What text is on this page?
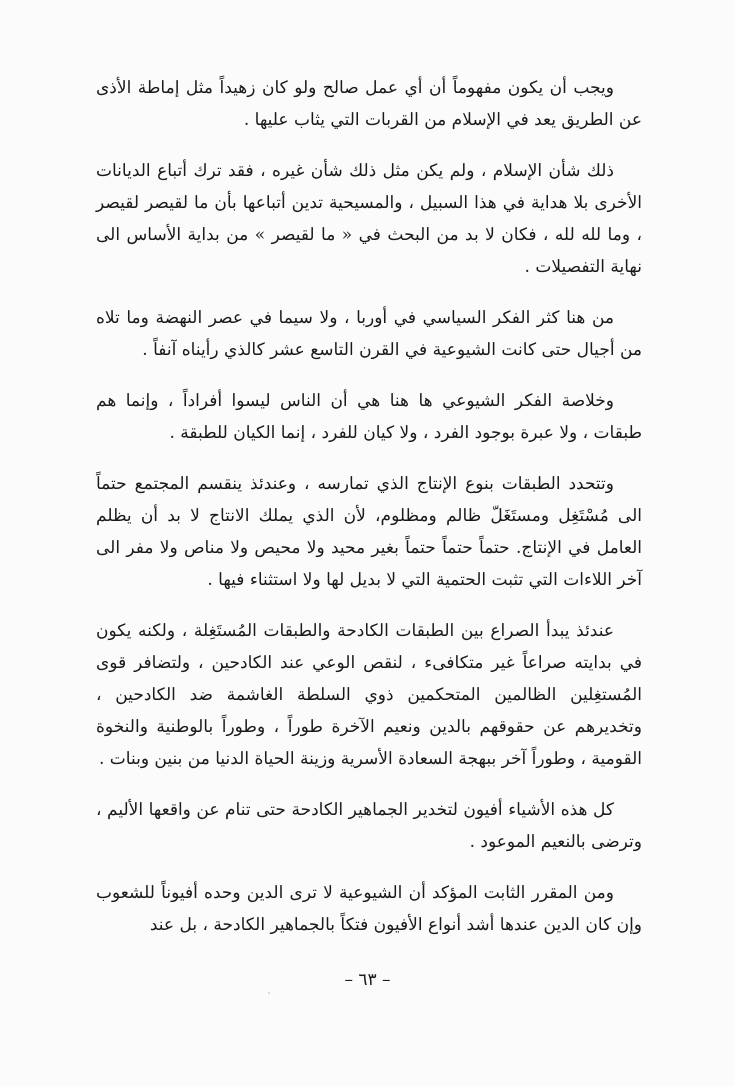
ويجب أن يكون مفهوماً أن أي عمل صالح ولو كان زهيداً مثل إماطة الأذى عن الطريق يعد في الإسلام من القربات التي يثاب عليها .

ذلك شأن الإسلام ، ولم يكن مثل ذلك شأن غيره ، فقد ترك أتباع الديانات الأخرى بلا هداية في هذا السبيل ، والمسيحية تدين أتباعها بأن ما لقيصر لقيصر ، وما لله لله ، فكان لا بد من البحث في « ما لقيصر » من بداية الأساس الى نهاية التفصيلات .

من هنا كثر الفكر السياسي في أوربا ، ولا سيما في عصر النهضة وما تلاه من أجيال حتى كانت الشيوعية في القرن التاسع عشر كالذي رأيناه آنفاً .

وخلاصة الفكر الشيوعي ها هنا هي أن الناس ليسوا أفراداً ، وإنما هم طبقات ، ولا عبرة بوجود الفرد ، ولا كيان للفرد ، إنما الكيان للطبقة .

وتتحدد الطبقات بنوع الإنتاج الذي تمارسه ، وعندئذ ينقسم المجتمع حتماً الى مُسْتَغِل ومستَغَلّ ظالم ومظلوم، لأن الذي يملك الانتاج لا بد أن يظلم العامل في الإنتاج. حتماً حتماً حتماً بغير محيد ولا محيص ولا مناص ولا مفر الى آخر اللاءات التي تثبت الحتمية التي لا بديل لها ولا استثناء فيها .

عندئذ يبدأ الصراع بين الطبقات الكادحة والطبقات المُستَغِلة ، ولكنه يكون في بدايته صراعاً غير متكافىء ، لنقص الوعي عند الكادحين ، ولتضافر قوى المُستغِلين الظالمين المتحكمين ذوي السلطة الغاشمة ضد الكادحين ، وتخديرهم عن حقوقهم بالدين ونعيم الآخرة طوراً ، وطوراً بالوطنية والنخوة القومية ، وطوراً آخر ببهجة السعادة الأسرية وزينة الحياة الدنيا من بنين وبنات .

كل هذه الأشياء أفيون لتخدير الجماهير الكادحة حتى تنام عن واقعها الأليم ، وترضى بالنعيم الموعود .

ومن المقرر الثابت المؤكد أن الشيوعية لا ترى الدين وحده أفيوناً للشعوب وإن كان الدين عندها أشد أنواع الأفيون فتكاً بالجماهير الكادحة ، بل عند

– ٦٣ –
